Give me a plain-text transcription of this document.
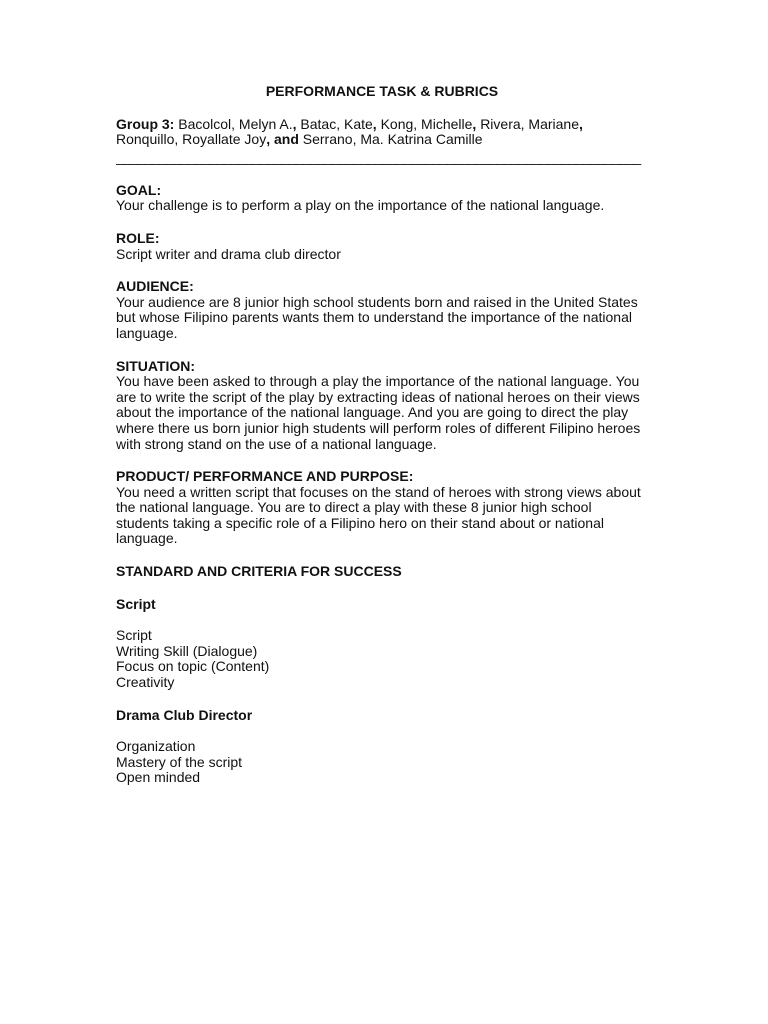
PERFORMANCE TASK & RUBRICS
Group 3: Bacolcol, Melyn A., Batac, Kate, Kong, Michelle, Rivera, Mariane,
Ronquillo, Royallate Joy, and Serrano, Ma. Katrina Camille
_________________________________________________________________________
GOAL:
Your challenge is to perform a play on the importance of the national language.
ROLE:
Script writer and drama club director
AUDIENCE:
Your audience are 8 junior high school students born and raised in the United States
but whose Filipino parents wants them to understand the importance of the national
language.
SITUATION:
You have been asked to through a play the importance of the national language. You
are to write the script of the play by extracting ideas of national heroes on their views
about the importance of the national language. And you are going to direct the play
where there us born junior high students will perform roles of different Filipino heroes
with strong stand on the use of a national language.
PRODUCT/ PERFORMANCE AND PURPOSE:
You need a written script that focuses on the stand of heroes with strong views about
the national language. You are to direct a play with these 8 junior high school
students taking a specific role of a Filipino hero on their stand about or national
language.
STANDARD AND CRITERIA FOR SUCCESS
Script
Script
Writing Skill (Dialogue)
Focus on topic (Content)
Creativity
Drama Club Director
Organization
Mastery of the script
Open minded
